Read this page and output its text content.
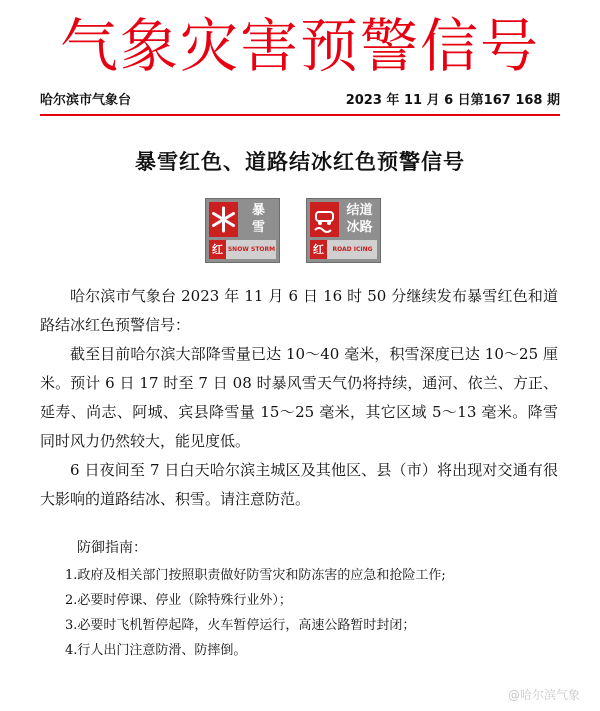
气象灾害预警信号
哈尔滨市气象台	2023 年 11 月 6 日第167 168 期
暴雪红色、道路结冰红色预警信号
暴
雪
红 SNOW STORM
结道
冰路
红	ROAD ICING

哈尔滨市气象台 2023 年 11 月 6 日 16 时 50 分继续发布暴雪红色和道路结冰红色预警信号：

截至目前哈尔滨大部降雪量已达 10～40 毫米，积雪深度已达 10～25 厘米。预计 6 日 17 时至 7 日 08 时暴风雪天气仍将持续，通河、依兰、方正、延寿、尚志、阿城、宾县降雪量 15～25 毫米，其它区域 5～13 毫米。降雪同时风力仍然较大，能见度低。

6 日夜间至 7 日白天哈尔滨主城区及其他区、县（市）将出现对交通有很大影响的道路结冰、积雪。请注意防范。

防御指南：

1.政府及相关部门按照职责做好防雪灾和防冻害的应急和抢险工作;

2.必要时停课、停业（除特殊行业外）；

3.必要时飞机暂停起降，火车暂停运行，高速公路暂时封闭；

4.行人出门注意防滑、防摔倒。

@哈尔滨气象
